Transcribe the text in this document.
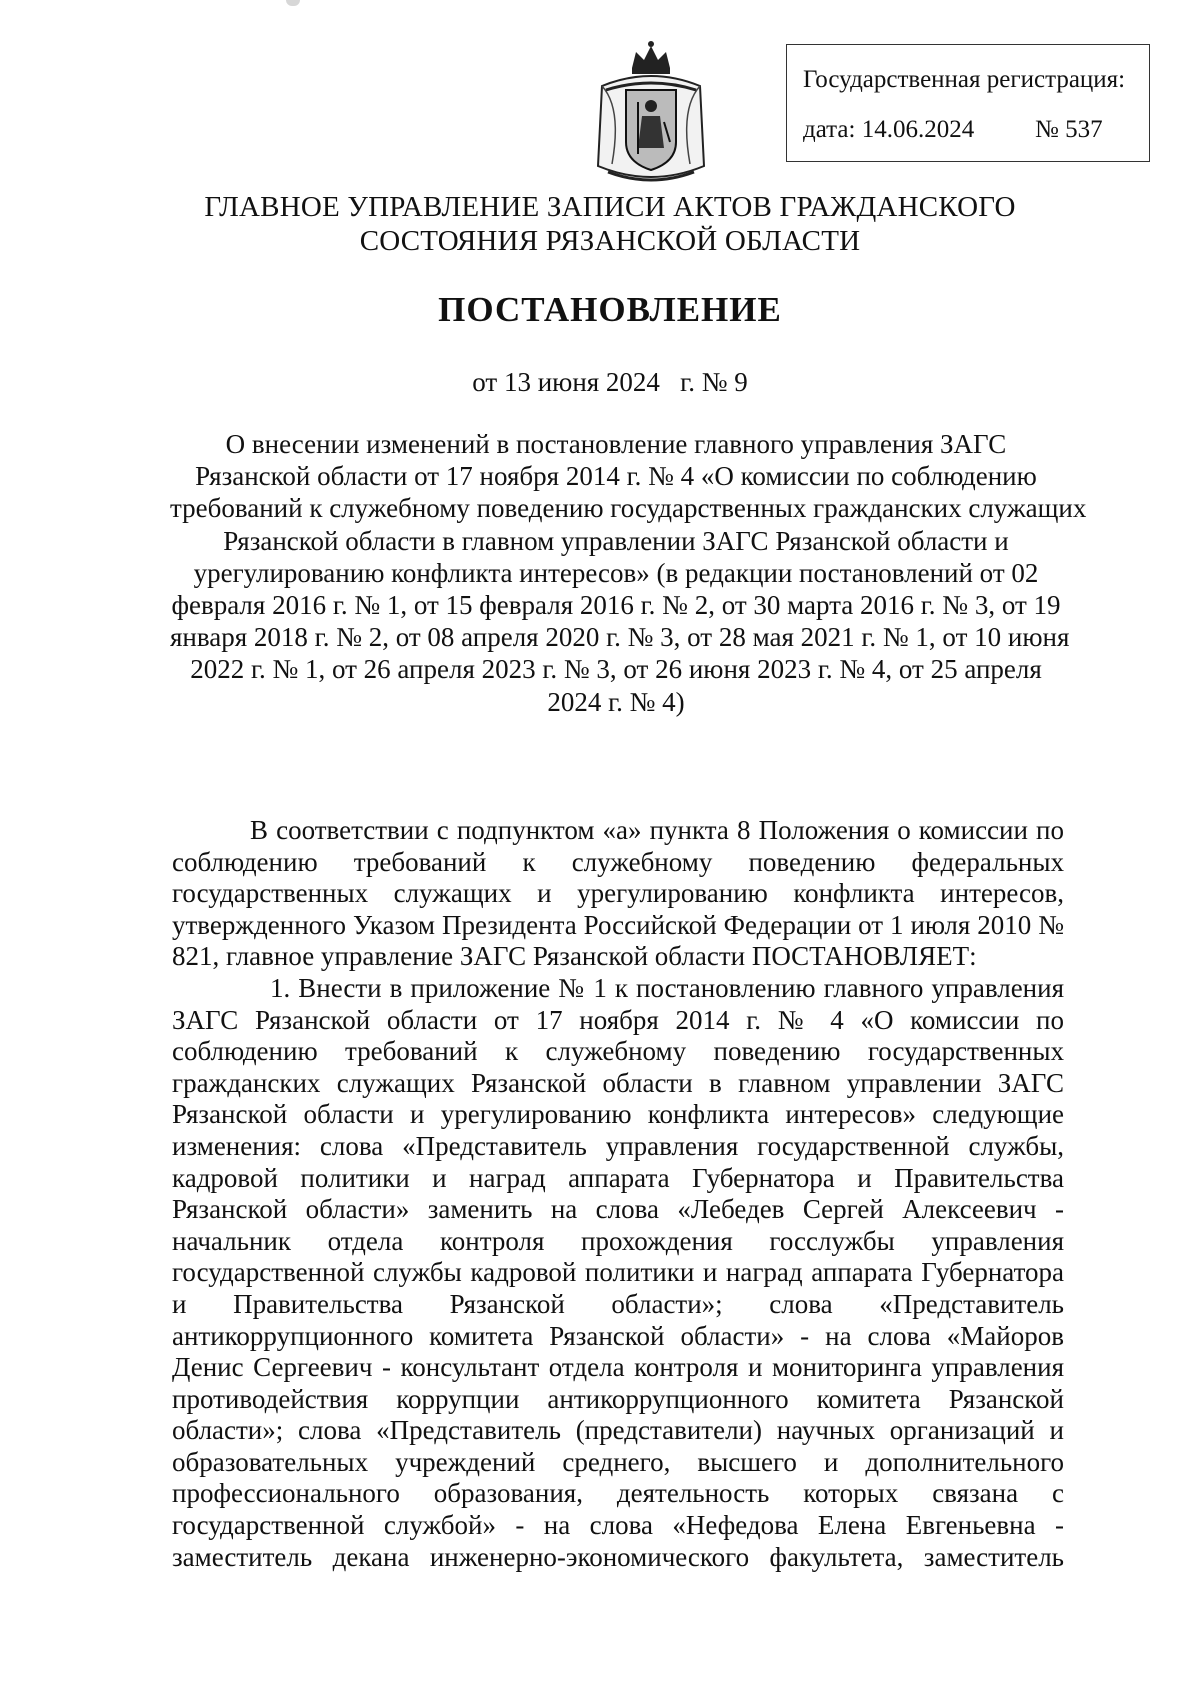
Государственная регистрация:
дата: 14.06.2024 № 537
ГЛАВНОЕ УПРАВЛЕНИЕ ЗАПИСИ АКТОВ ГРАЖДАНСКОГО
СОСТОЯНИЯ РЯЗАНСКОЙ ОБЛАСТИ
ПОСТАНОВЛЕНИЕ
от 13 июня 2024   г. № 9
О внесении изменений в постановление главного управления ЗАГС
Рязанской области от 17 ноября 2014 г. № 4 «О комиссии по соблюдению
требований к служебному поведению государственных гражданских служащих
Рязанской области в главном управлении ЗАГС Рязанской области и
урегулированию конфликта интересов» (в редакции постановлений от 02
февраля 2016 г. № 1, от 15 февраля 2016 г. № 2, от 30 марта 2016 г. № 3, от 19
января 2018 г. № 2, от 08 апреля 2020 г. № 3, от 28 мая 2021 г. № 1, от 10 июня
2022 г. № 1, от 26 апреля 2023 г. № 3, от 26 июня 2023 г. № 4, от 25 апреля
2024 г. № 4)

В соответствии с подпунктом «а» пункта 8 Положения о комиссии по соблюдению требований к служебному поведению федеральных государственных служащих и урегулированию конфликта интересов, утвержденного Указом Президента Российской Федерации от 1 июля 2010 № 821, главное управление ЗАГС Рязанской области ПОСТАНОВЛЯЕТ:

1. Внести в приложение № 1 к постановлению главного управления ЗАГС Рязанской области от 17 ноября 2014 г. № 4 «О комиссии по соблюдению требований к служебному поведению государственных гражданских служащих Рязанской области в главном управлении ЗАГС Рязанской области и урегулированию конфликта интересов» следующие изменения: слова «Представитель управления государственной службы, кадровой политики и наград аппарата Губернатора и Правительства Рязанской области» заменить на слова «Лебедев Сергей Алексеевич - начальник отдела контроля прохождения госслужбы управления государственной службы кадровой политики и наград аппарата Губернатора и Правительства Рязанской области»; слова «Представитель антикоррупционного комитета Рязанской области» - на слова «Майоров Денис Сергеевич - консультант отдела контроля и мониторинга управления противодействия коррупции антикоррупционного комитета Рязанской области»; слова «Представитель (представители) научных организаций и образовательных учреждений среднего, высшего и дополнительного профессионального образования, деятельность которых связана с государственной службой» - на слова «Нефедова Елена Евгеньевна - заместитель декана инженерно-экономического факультета, заместитель
